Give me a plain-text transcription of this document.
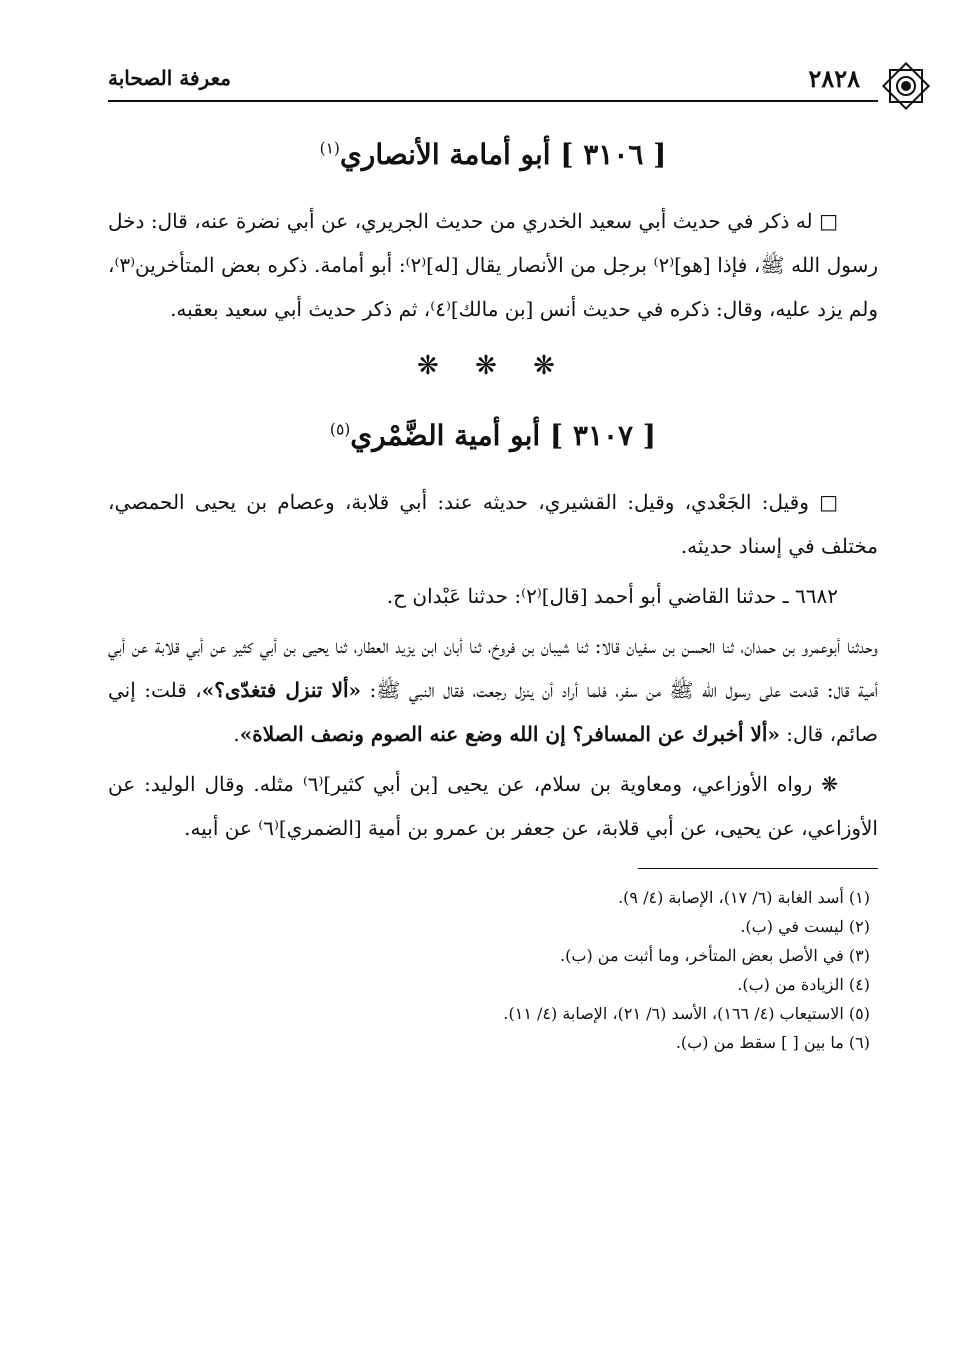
٢٨٢٨
معرفة الصحابة
[ ٣١٠٦ ] أبو أمامة الأنصاري$^{(١)}$

□ له ذكر في حديث أبي سعيد الخدري من حديث الجريري، عن أبي نضرة عنه، قال: دخل رسول الله ﷺ، فإذا [هو]⁽٢⁾ برجل من الأنصار يقال [له]⁽٢⁾: أبو أمامة. ذكره بعض المتأخرين⁽٣⁾، ولم يزد عليه، وقال: ذكره في حديث أنس [بن مالك]⁽٤⁾، ثم ذكر حديث أبي سعيد بعقبه.

❋ ❋ ❋
[ ٣١٠٧ ] أبو أمية الضَّمْري$^{(٥)}$

□ وقيل: الجَعْدي، وقيل: القشيري، حديثه عند: أبي قلابة، وعصام بن يحيى الحمصي، مختلف في إسناد حديثه.

٦٦٨٢ ـ حدثنا القاضي أبو أحمد [قال]⁽٢⁾: حدثنا عَبْدان ح.

وحدثنا أبوعمرو بن حمدان، ثنا الحسن بن سفيان قالا: ثنا شيبان بن فروخ، ثنا أبان ابن يزيد العطار، ثنا يحيى بن أبي كثير عن أبي قلابة عن أبي أمية قال: قدمت على رسول الله ﷺ من سفر، فلما أراد أن ينزل رجعت، فقال النبي ﷺ: «ألا تنزل فتغدّى؟»، قلت: إني صائم، قال: «ألا أخبرك عن المسافر؟ إن الله وضع عنه الصوم ونصف الصلاة».

❋ رواه الأوزاعي، ومعاوية بن سلام، عن يحيى [بن أبي كثير]⁽٦⁾ مثله. وقال الوليد: عن الأوزاعي، عن يحيى، عن أبي قلابة، عن جعفر بن عمرو بن أمية [الضمري]⁽٦⁾ عن أبيه.

(١) أسد الغابة (٦/ ١٧)، الإصابة (٤/ ٩).
(٢) ليست في (ب).
(٣) في الأصل بعض المتأخر، وما أثبت من (ب).
(٤) الزيادة من (ب).
(٥) الاستيعاب (٤/ ١٦٦)، الأسد (٦/ ٢١)، الإصابة (٤/ ١١).
(٦) ما بين [ ] سقط من (ب).
